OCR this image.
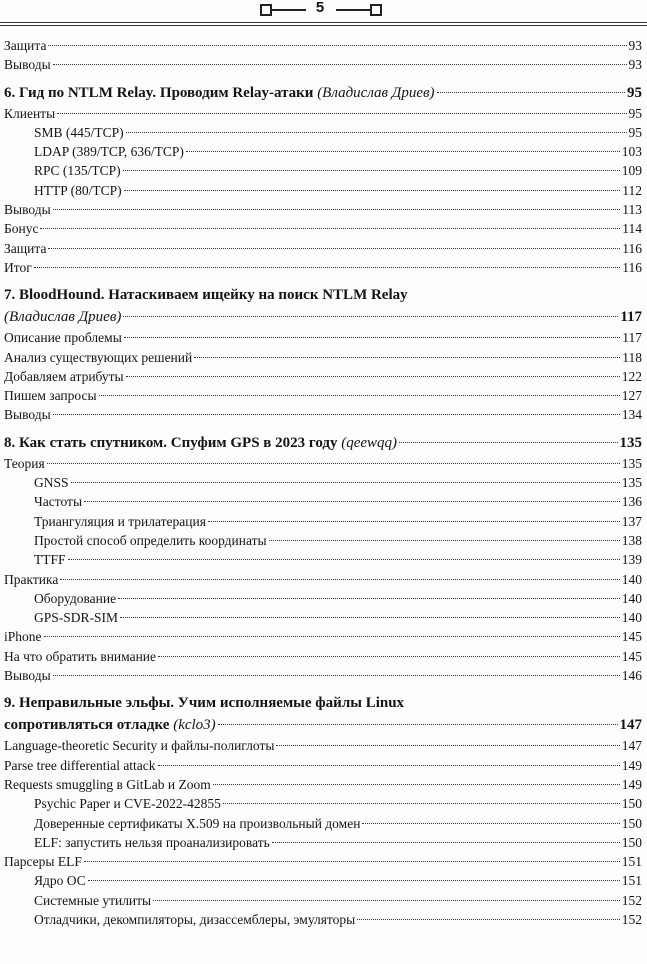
5
Защита	93
Выводы	93
6. Гид по NTLM Relay. Проводим Relay-атаки (Владислав Дриев)	95
Клиенты	95
SMB (445/TCP)	95
LDAP (389/TCP, 636/TCP)	103
RPC (135/TCP)	109
HTTP (80/TCP)	112
Выводы	113
Бонус	114
Защита	116
Итог	116
7. BloodHound. Натаскиваем ищейку на поиск NTLM Relay
(Владислав Дриев)	117
Описание проблемы	117
Анализ существующих решений	118
Добавляем атрибуты	122
Пишем запросы	127
Выводы	134
8. Как стать спутником. Спуфим GPS в 2023 году (qeewqq)	135
Теория	135
GNSS	135
Частоты	136
Триангуляция и трилатерация	137
Простой способ определить координаты	138
TTFF	139
Практика	140
Оборудование	140
GPS-SDR-SIM	140
iPhone	145
На что обратить внимание	145
Выводы	146
9. Неправильные эльфы. Учим исполняемые файлы Linux
сопротивляться отладке (kclo3)	147
Language-theoretic Security и файлы-полиглоты	147
Parse tree differential attack	149
Requests smuggling в GitLab и Zoom	149
Psychic Paper и CVE-2022-42855	150
Доверенные сертификаты X.509 на произвольный домен	150
ELF: запустить нельзя проанализировать	150
Парсеры ELF	151
Ядро ОС	151
Системные утилиты	152
Отладчики, декомпиляторы, дизассемблеры, эмуляторы	152
